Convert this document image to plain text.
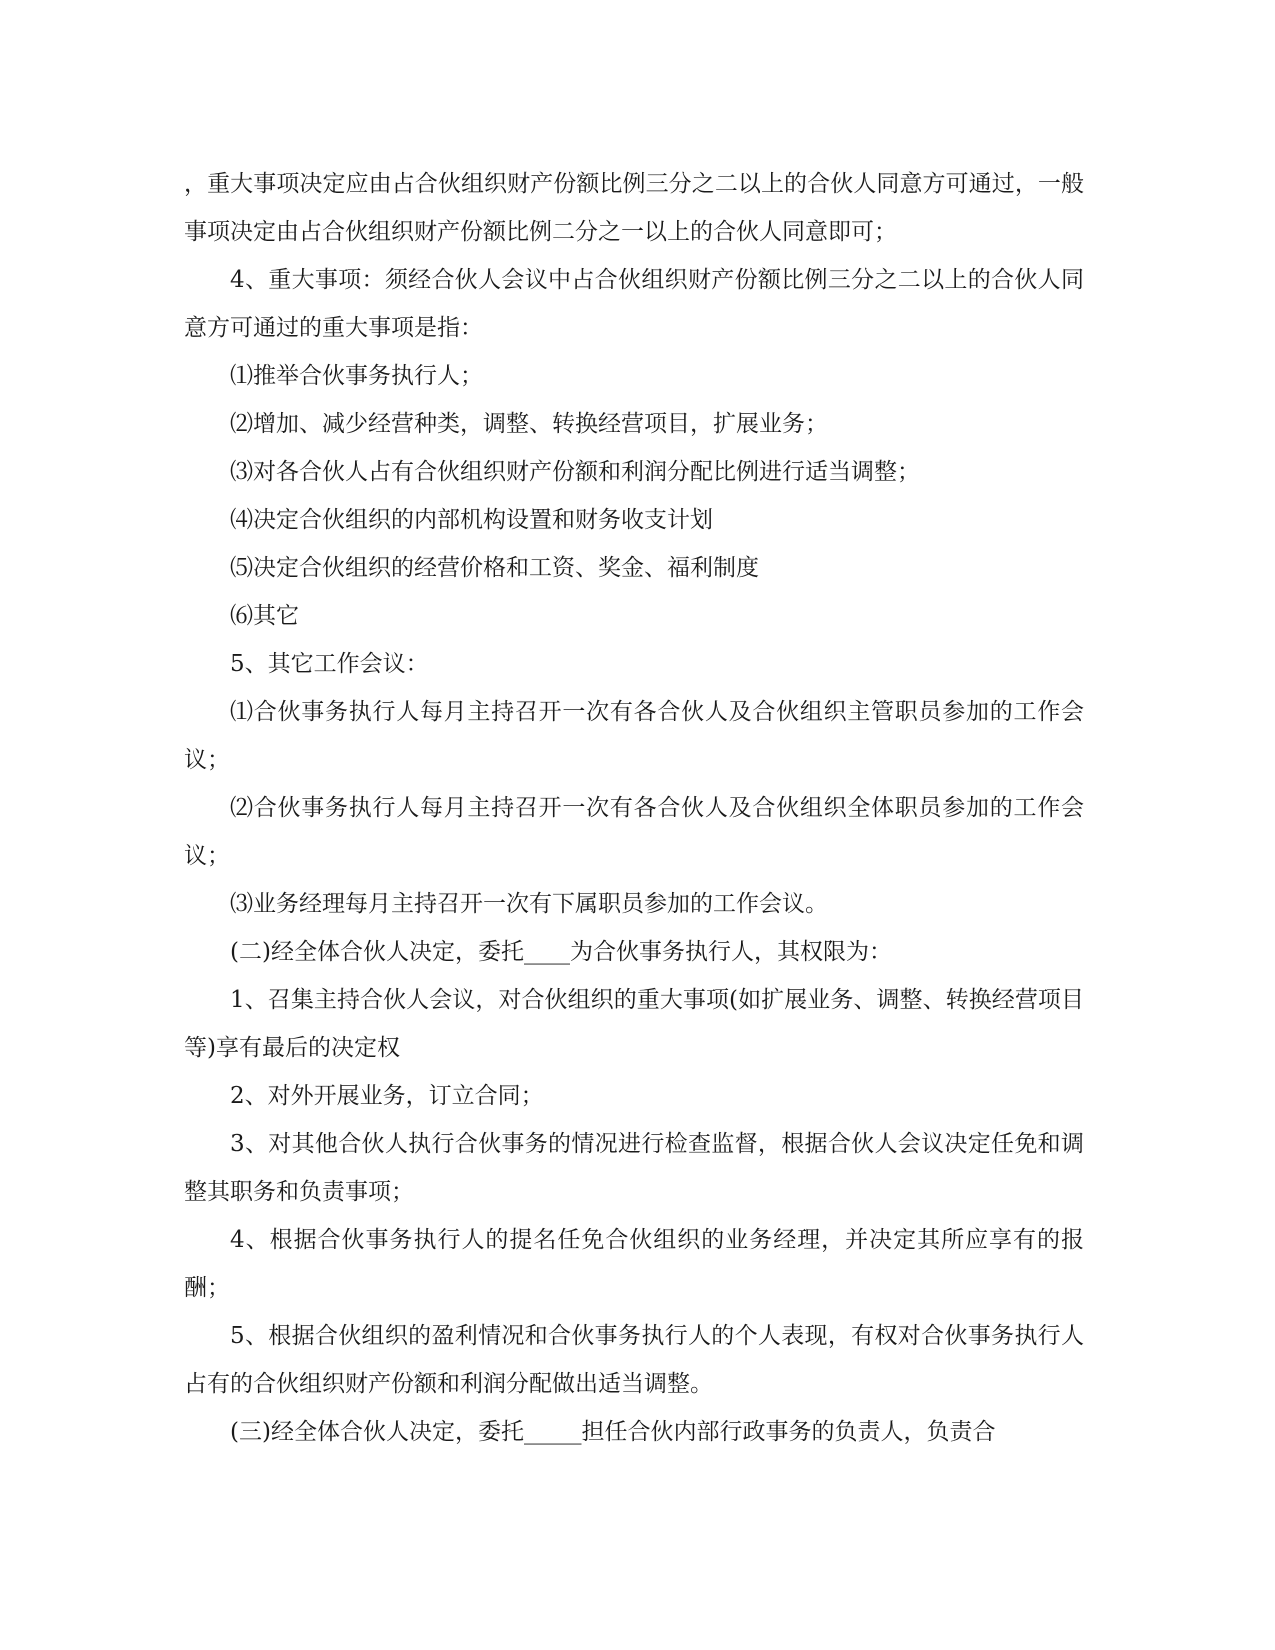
，重大事项决定应由占合伙组织财产份额比例三分之二以上的合伙人同意方可通过，一般事项决定由占合伙组织财产份额比例二分之一以上的合伙人同意即可；

4、重大事项：须经合伙人会议中占合伙组织财产份额比例三分之二以上的合伙人同意方可通过的重大事项是指：

⑴推举合伙事务执行人；

⑵增加、减少经营种类，调整、转换经营项目，扩展业务；

⑶对各合伙人占有合伙组织财产份额和利润分配比例进行适当调整；

⑷决定合伙组织的内部机构设置和财务收支计划

⑸决定合伙组织的经营价格和工资、奖金、福利制度

⑹其它

5、其它工作会议：

⑴合伙事务执行人每月主持召开一次有各合伙人及合伙组织主管职员参加的工作会议；

⑵合伙事务执行人每月主持召开一次有各合伙人及合伙组织全体职员参加的工作会议；

⑶业务经理每月主持召开一次有下属职员参加的工作会议。

(二)经全体合伙人决定，委托____为合伙事务执行人，其权限为：

1、召集主持合伙人会议，对合伙组织的重大事项(如扩展业务、调整、转换经营项目等)享有最后的决定权

2、对外开展业务，订立合同；

3、对其他合伙人执行合伙事务的情况进行检查监督，根据合伙人会议决定任免和调整其职务和负责事项；

4、根据合伙事务执行人的提名任免合伙组织的业务经理，并决定其所应享有的报酬；

5、根据合伙组织的盈利情况和合伙事务执行人的个人表现，有权对合伙事务执行人占有的合伙组织财产份额和利润分配做出适当调整。

(三)经全体合伙人决定，委托_____担任合伙内部行政事务的负责人，负责合
